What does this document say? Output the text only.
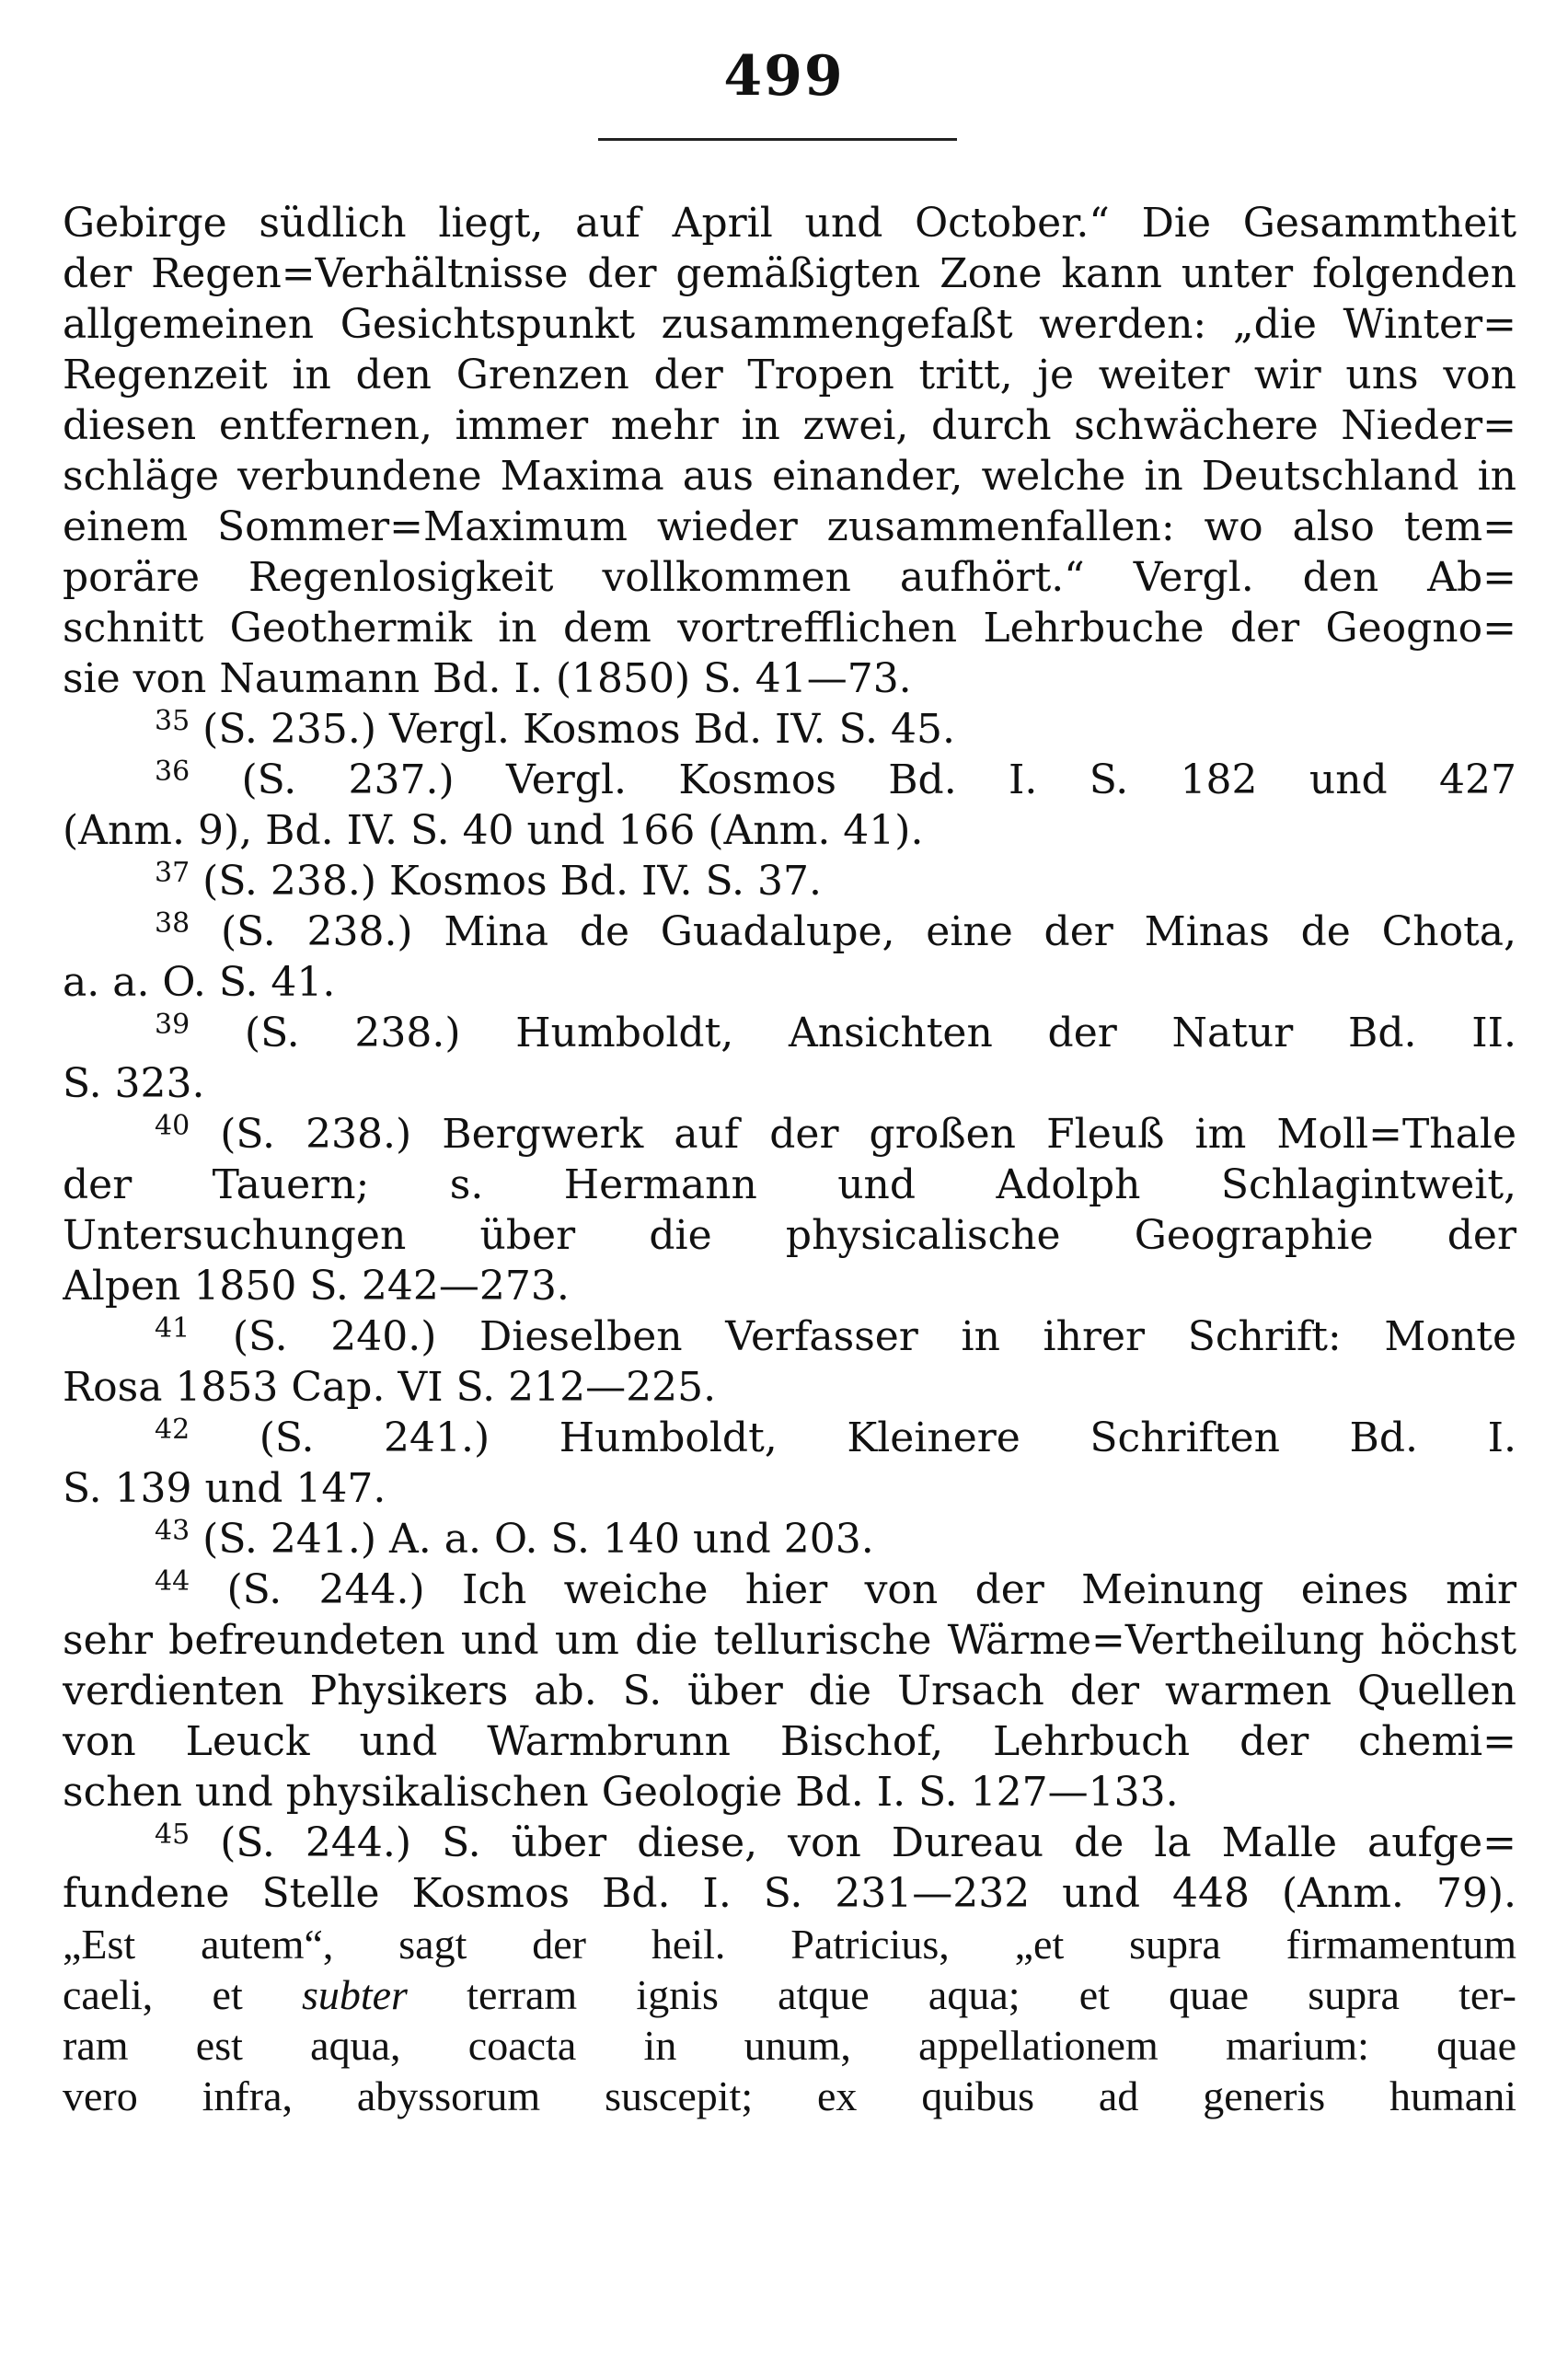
499
Gebirge südlich liegt, auf April und October.“ Die Gesammtheit
der Regen=Verhältnisse der gemäßigten Zone kann unter folgenden
allgemeinen Gesichtspunkt zusammengefaßt werden: „die Winter=
Regenzeit in den Grenzen der Tropen tritt, je weiter wir uns von
diesen entfernen, immer mehr in zwei, durch schwächere Nieder=
schläge verbundene Maxima aus einander, welche in Deutschland in
einem Sommer=Maximum wieder zusammenfallen: wo also tem=
poräre Regenlosigkeit vollkommen aufhört.“ Vergl. den Ab=
schnitt Geothermik in dem vortrefflichen Lehrbuche der Geogno=
sie von Naumann Bd. I. (1850) S. 41—73.
$^{35}$ (S. 235.) Vergl. Kosmos Bd. IV. S. 45.
$^{36}$ (S. 237.) Vergl. Kosmos Bd. I. S. 182 und 427
(Anm. 9), Bd. IV. S. 40 und 166 (Anm. 41).
$^{37}$ (S. 238.) Kosmos Bd. IV. S. 37.
$^{38}$ (S. 238.) Mina de Guadalupe, eine der Minas de Chota,
a. a. O. S. 41.
$^{39}$ (S. 238.) Humboldt, Ansichten der Natur Bd. II.
S. 323.
$^{40}$ (S. 238.) Bergwerk auf der großen Fleuß im Moll=Thale
der Tauern; s. Hermann und Adolph Schlagintweit,
Untersuchungen über die physicalische Geographie der
Alpen 1850 S. 242—273.
$^{41}$ (S. 240.) Dieselben Verfasser in ihrer Schrift: Monte
Rosa 1853 Cap. VI S. 212—225.
$^{42}$ (S. 241.) Humboldt, Kleinere Schriften Bd. I.
S. 139 und 147.
$^{43}$ (S. 241.) A. a. O. S. 140 und 203.
$^{44}$ (S. 244.) Ich weiche hier von der Meinung eines mir
sehr befreundeten und um die tellurische Wärme=Vertheilung höchst
verdienten Physikers ab. S. über die Ursach der warmen Quellen
von Leuck und Warmbrunn Bischof, Lehrbuch der chemi=
schen und physikalischen Geologie Bd. I. S. 127—133.
$^{45}$ (S. 244.) S. über diese, von Dureau de la Malle aufge=
fundene Stelle Kosmos Bd. I. S. 231—232 und 448 (Anm. 79).
„Est autem“, sagt der heil. Patricius, „et supra firmamentum
caeli, et subter terram ignis atque aqua; et quae supra ter-
ram est aqua, coacta in unum, appellationem marium: quae
vero infra, abyssorum suscepit; ex quibus ad generis humani
